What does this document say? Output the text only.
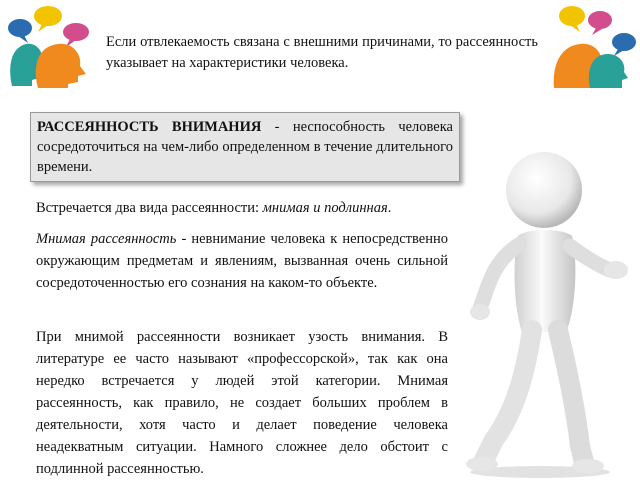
Если отвлекаемость связана с внешними причинами, то рассеянность указывает на характеристики человека.
РАССЕЯННОСТЬ ВНИМАНИЯ - неспособность человека сосредоточиться на чем-либо определенном в течение длительного времени.
Встречается два вида рассеянности: мнимая и подлинная.
Мнимая рассеянность - невнимание человека к непосредственно окружающим предметам и явлениям, вызванная очень сильной сосредоточенностью его сознания на каком-то объекте.
При мнимой рассеянности возникает узость внимания. В литературе ее часто называют «профессорской», так как она нередко встречается у людей этой категории. Мнимая рассеянность, как правило, не создает больших проблем в деятельности, хотя часто и делает поведение человека неадекватным ситуации. Намного сложнее дело обстоит с подлинной рассеянностью.
